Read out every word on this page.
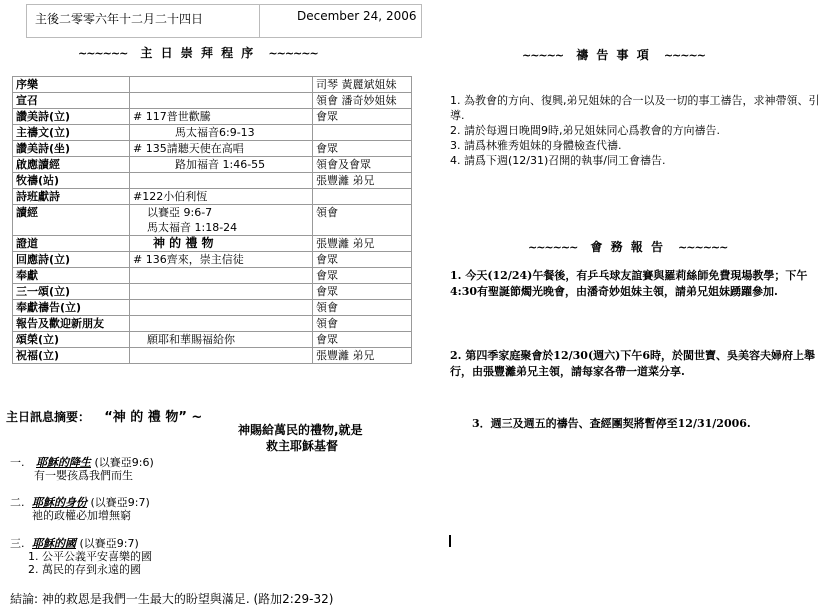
主後二零零六年十二月二十四日	December 24, 2006
~~~~~~ 主 日 崇 拜 程 序 ~~~~~~
序樂		司琴 黃麗斌姐妹
宣召		領會 潘奇妙姐妹
讚美詩(立)	# 117普世歡騰	會眾
主禱文(立)	馬太福音6:9-13	

讚美詩(坐)	# 135請聽天使在高唱	會眾
啟應讀經	路加福音 1:46-55	領會及會眾
牧禱(站)		張豐灕 弟兄
詩班獻詩	#122小伯利恆	

讀經	以賽亞 9:6-7
馬太福音 1:18-24	領會
證道	神 的 禮 物	張豐灕 弟兄
回應詩(立)	# 136齊來，崇主信徒	會眾
奉獻		會眾
三一頌(立)		會眾
奉獻禱告(立)		領會
報告及歡迎新朋友		領會
頌榮(立)	願耶和華賜福給你	會眾
祝福(立)		張豐灕 弟兄
~~~~~ 禱 告 事 項 ~~~~~
1. 為教會的方向、復興,弟兄姐妹的合一以及一切的事工禱告，求神帶領、引導.
2. 請於每週日晚間9時,弟兄姐妹同心爲教會的方向禱告.
3. 請爲林雅秀姐妹的身體檢查代禱.
4. 請爲下週(12/31)召開的執事/同工會禱告.
~~~~~~ 會 務 報 告 ~~~~~~
1. 今天(12/24)午餐後，有乒乓球友誼賽與羅莉絲師免費現場教學；下午4:30有聖誕節燭光晚會，由潘奇妙姐妹主領，請弟兄姐妹踴躍參加.
2. 第四季家庭聚會於12/30(週六)下午6時，於閩世寶、吳美容夫婦府上舉行，由張豐灕弟兄主領，請每家各帶一道菜分享.
3．週三及週五的禱告、查經團契將暫停至12/31/2006.
主日訊息摘要： “神 的 禮 物” ~
神賜給萬民的禮物,就是
救主耶穌基督
一. 耶穌的降生 (以賽亞9:6)
有一嬰孩爲我們而生
二. 耶穌的身份 (以賽亞9:7)
祂的政權必加增無窮
三. 耶穌的國 (以賽亞9:7)
1. 公平公義平安喜樂的國
2. 萬民的存到永遠的國
結論: 神的救恩是我們一生最大的盼望與滿足. (路加2:29-32)
